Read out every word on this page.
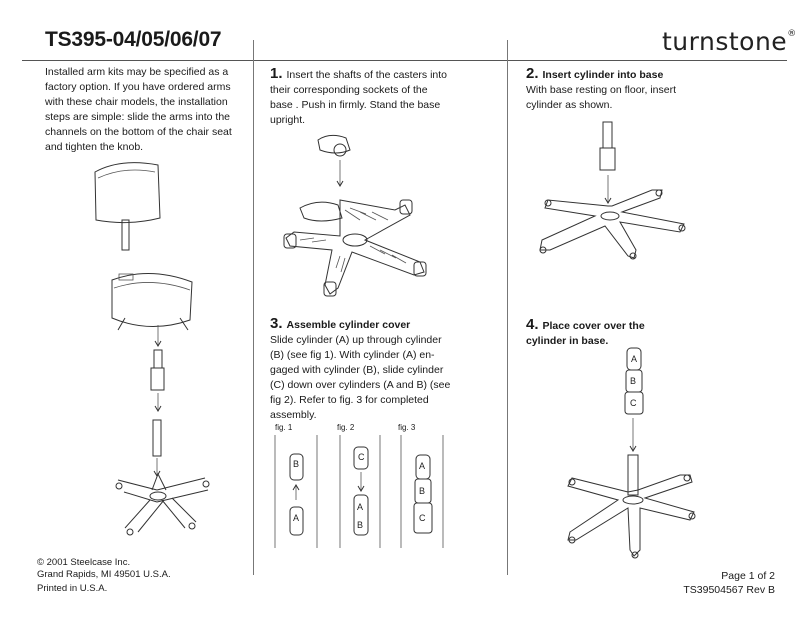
TS395-04/05/06/07	turnstone®
Installed arm kits may be specified as a factory option. If you have ordered arms with these chair models, the installation steps are simple: slide the arms into the channels on the bottom of the chair seat and tighten the knob.
1. Insert the shafts of the casters into their corresponding sockets of the base . Push in firmly. Stand the base upright.
2. Insert cylinder into base
With base resting on floor, insert cylinder as shown.
3. Assemble cylinder cover
Slide cylinder (A) up through cylinder (B) (see fig 1). With cylinder (A) en-gaged with cylinder (B), slide cylinder (C) down over cylinders (A and B) (see fig 2). Refer to fig. 3 for completed assembly.
4. Place cover over the cylinder in base.
fig. 1	fig. 2	fig. 3
© 2001 Steelcase Inc.
Grand Rapids, MI 49501 U.S.A.
Printed in U.S.A.
Page 1 of 2
TS39504567 Rev B
B
A
C
A
B
A
B
C
A
B
C
